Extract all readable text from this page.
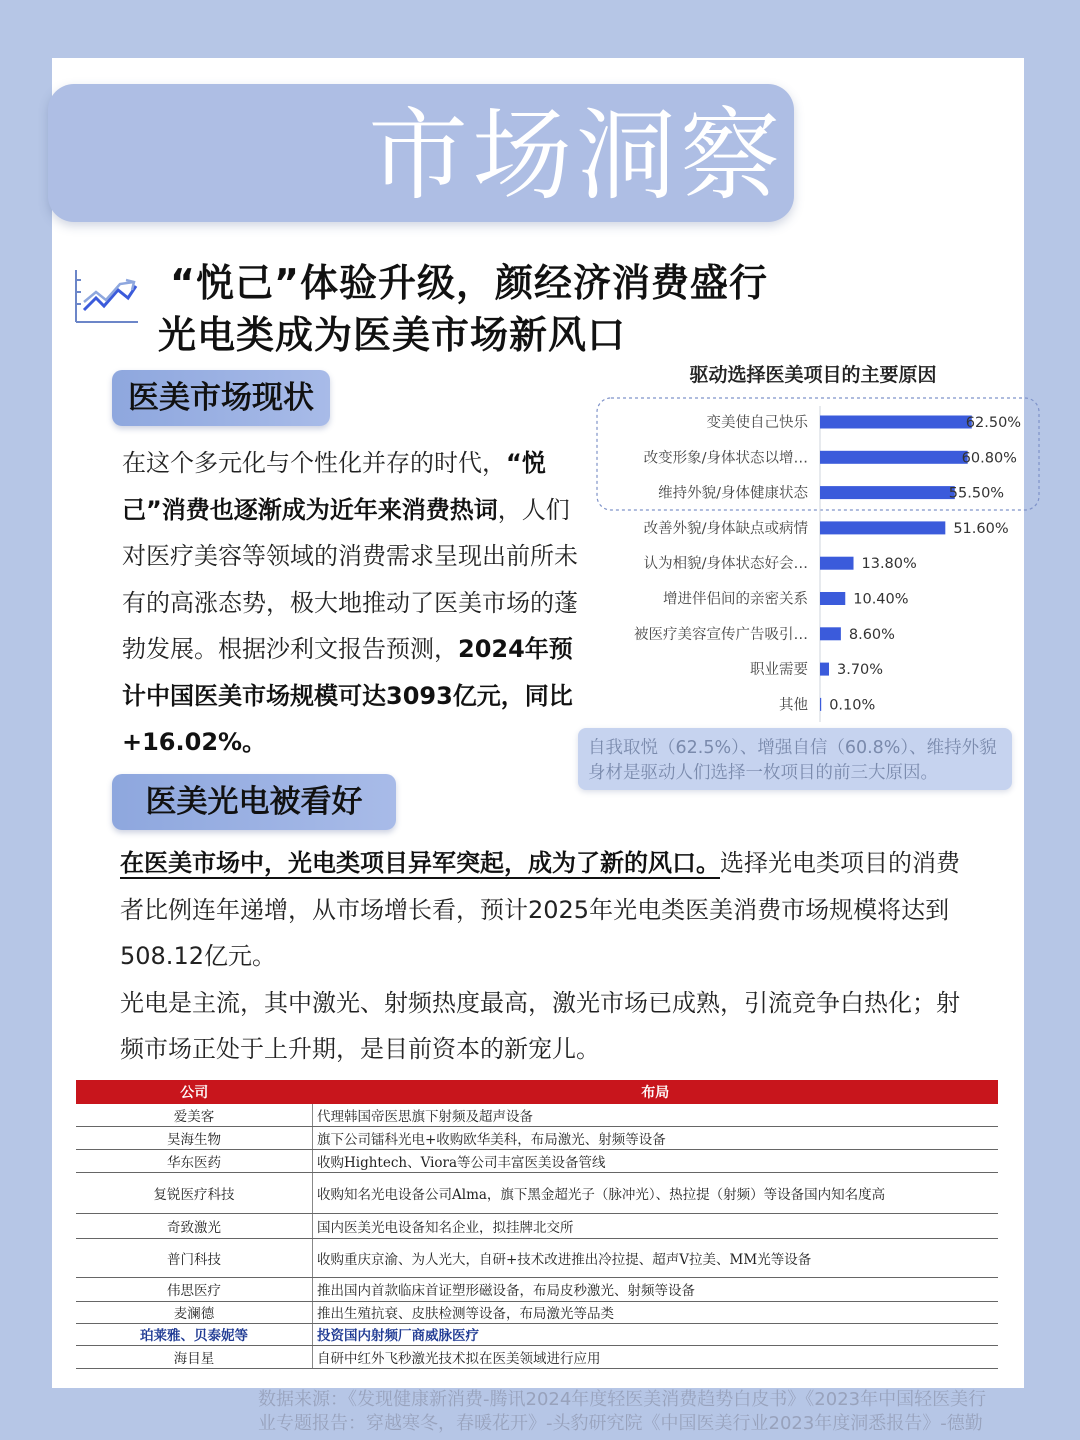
市场洞察
“悦己”体验升级，颜经济消费盛行
光电类成为医美市场新风口
医美市场现状
在这个多元化与个性化并存的时代，“悦己”消费也逐渐成为近年来消费热词，人们对医疗美容等领域的消费需求呈现出前所未有的高涨态势，极大地推动了医美市场的蓬勃发展。根据沙利文报告预测，2024年预计中国医美市场规模可达3093亿元，同比+16.02%。
驱动选择医美项目的主要原因
变美使自己快乐	62.50%
改变形象/身体状态以增…	60.80%
维持外貌/身体健康状态	55.50%
改善外貌/身体缺点或病情	51.60%
认为相貌/身体状态好会…	13.80%
增进伴侣间的亲密关系	10.40%
被医疗美容宣传广告吸引…	8.60%
职业需要 3.70%
其他 0.10%
自我取悦（62.5%）、增强自信（60.8%）、维持外貌身材是驱动人们选择一枚项目的前三大原因。
医美光电被看好
在医美市场中，光电类项目异军突起，成为了新的风口。选择光电类项目的消费者比例连年递增，从市场增长看，预计2025年光电类医美消费市场规模将达到508.12亿元。
光电是主流，其中激光、射频热度最高，激光市场已成熟，引流竞争白热化；射频市场正处于上升期，是目前资本的新宠儿。
公司	布局
爱美客	代理韩国帝医思旗下射频及超声设备
昊海生物	旗下公司镭科光电+收购欧华美科，布局激光、射频等设备
华东医药	收购Hightech、Viora等公司丰富医美设备管线
复锐医疗科技	收购知名光电设备公司Alma，旗下黑金超光子（脉冲光）、热拉提（射频）等设备国内知名度高
奇致激光	国内医美光电设备知名企业，拟挂牌北交所
普门科技	收购重庆京渝、为人光大，自研+技术改进推出冷拉提、超声V拉美、MM光等设备
伟思医疗	推出国内首款临床首证塑形磁设备，布局皮秒激光、射频等设备
麦澜德	推出生殖抗衰、皮肤检测等设备，布局激光等品类
珀莱雅、贝泰妮等	投资国内射频厂商威脉医疗
海目星	自研中红外飞秒激光技术拟在医美领域进行应用
数据来源：《发现健康新消费-腾讯2024年度轻医美消费趋势白皮书》《2023年中国轻医美行
业专题报告：穿越寒冬，春暖花开》-头豹研究院《中国医美行业2023年度洞悉报告》-德勤
